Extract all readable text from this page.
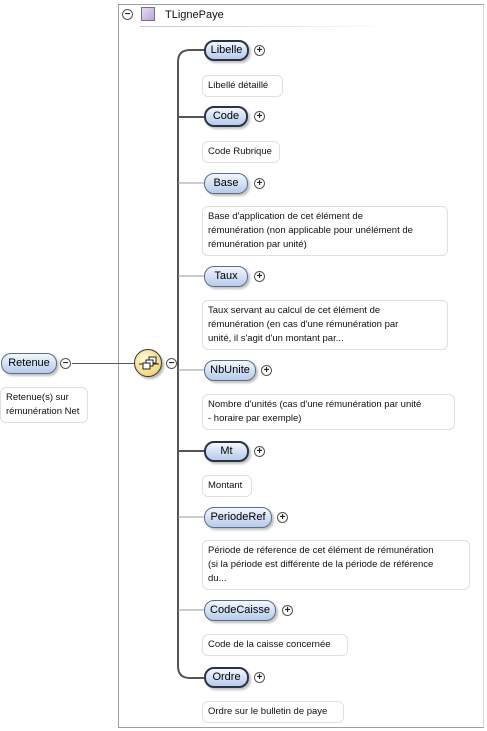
−	TLignePaye
Retenue	−
Retenue(s) sur
rémunération Net
−
Libelle	+
Libellé détaillé
Code	+
Code Rubrique
Base	+
Base d'application de cet élément de
rémunération (non applicable pour unélément de
rémunération par unité)
Taux	+
Taux servant au calcul de cet élément de
rémunération (en cas d'une rémunération par
unité, il s'agit d'un montant par...
NbUnite	+
Nombre d'unités (cas d'une rémunération par unité
- horaire par exemple)
Mt	+
Montant
PeriodeRef	+
Période de réference de cet élément de rémunération
(si la période est différente de la période de référence
du...
CodeCaisse	+
Code de la caisse concernée
Ordre	+
Ordre sur le bulletin de paye
